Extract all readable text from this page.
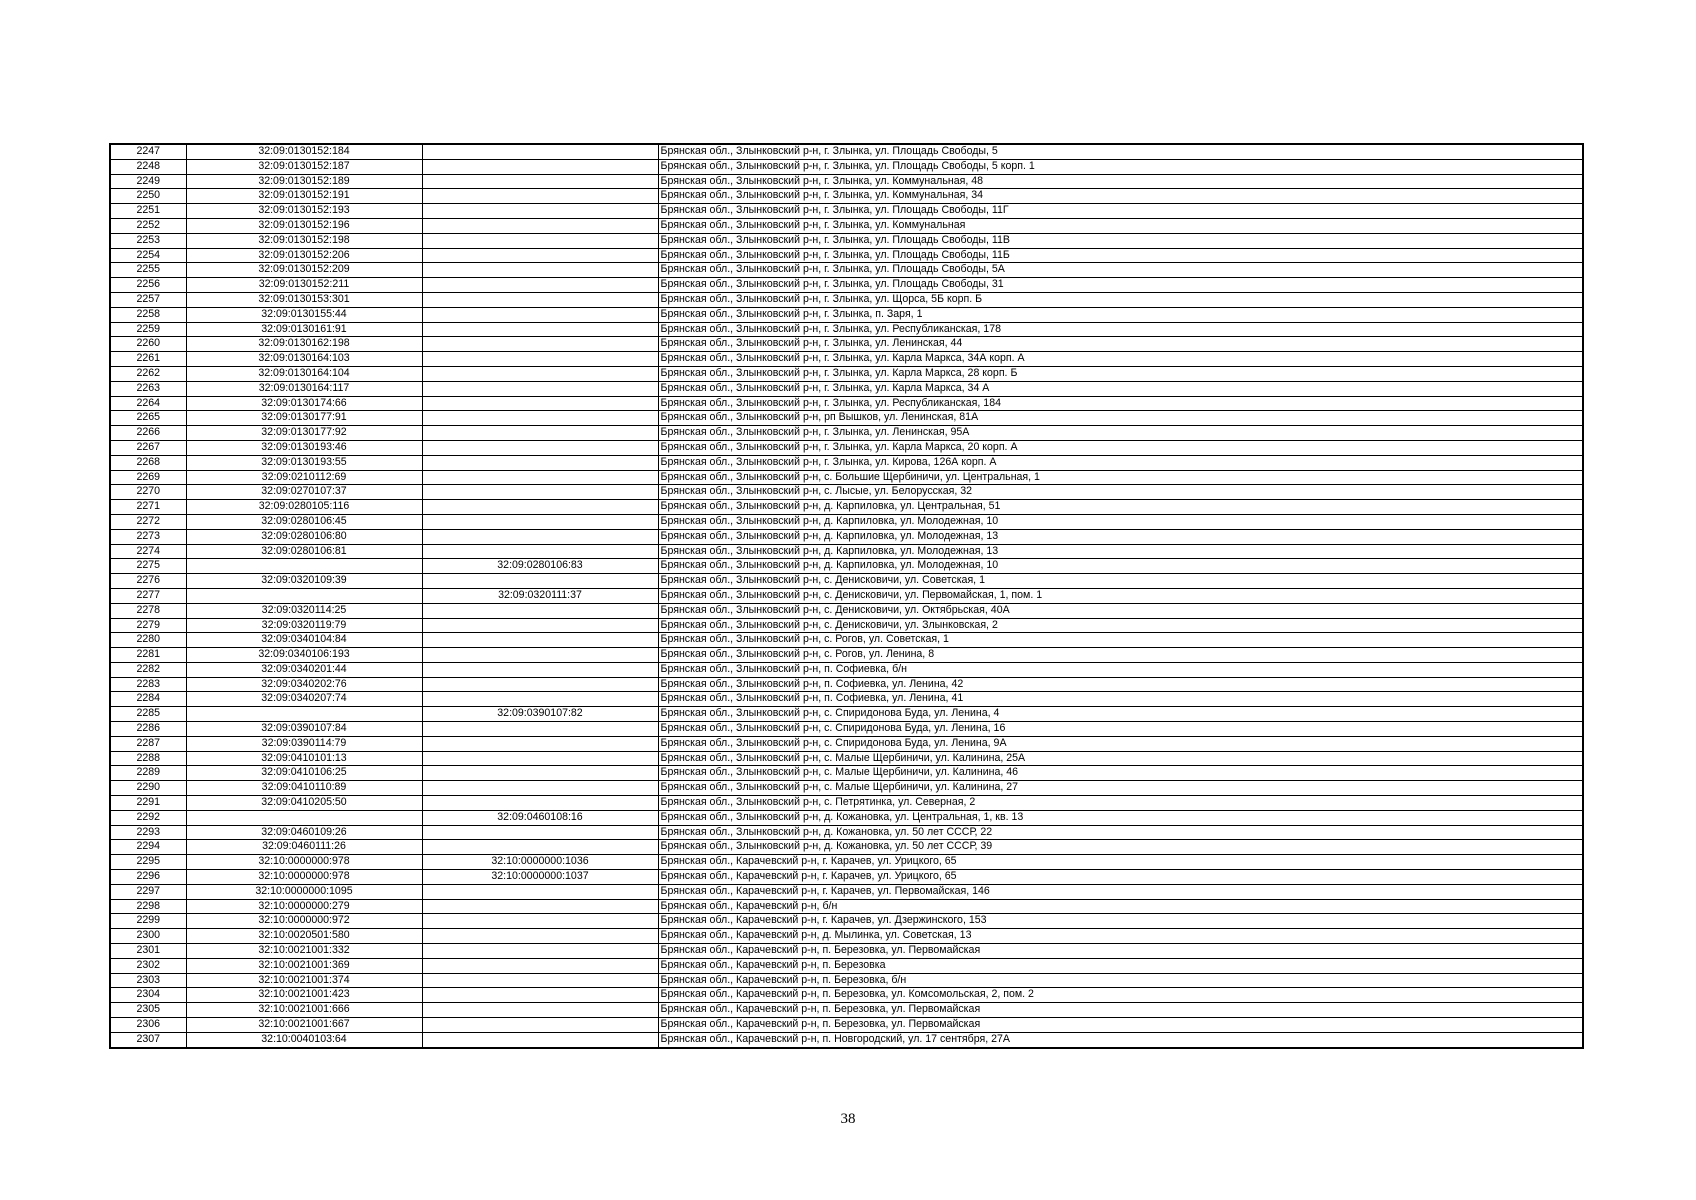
2247	32:09:0130152:184		Брянская обл., Злынковский р-н, г. Злынка, ул. Площадь Свободы, 5
2248	32:09:0130152:187		Брянская обл., Злынковский р-н, г. Злынка, ул. Площадь Свободы, 5 корп. 1
2249	32:09:0130152:189		Брянская обл., Злынковский р-н, г. Злынка, ул. Коммунальная, 48
2250	32:09:0130152:191		Брянская обл., Злынковский р-н, г. Злынка, ул. Коммунальная, 34
2251	32:09:0130152:193		Брянская обл., Злынковский р-н, г. Злынка, ул. Площадь Свободы, 11Г
2252	32:09:0130152:196		Брянская обл., Злынковский р-н, г. Злынка, ул. Коммунальная
2253	32:09:0130152:198		Брянская обл., Злынковский р-н, г. Злынка, ул. Площадь Свободы, 11В
2254	32:09:0130152:206		Брянская обл., Злынковский р-н, г. Злынка, ул. Площадь Свободы, 11Б
2255	32:09:0130152:209		Брянская обл., Злынковский р-н, г. Злынка, ул. Площадь Свободы, 5А
2256	32:09:0130152:211		Брянская обл., Злынковский р-н, г. Злынка, ул. Площадь Свободы, 31
2257	32:09:0130153:301		Брянская обл., Злынковский р-н, г. Злынка, ул. Щорса, 5Б корп. Б
2258	32:09:0130155:44		Брянская обл., Злынковский р-н, г. Злынка, п. Заря, 1
2259	32:09:0130161:91		Брянская обл., Злынковский р-н, г. Злынка, ул. Республиканская, 178
2260	32:09:0130162:198		Брянская обл., Злынковский р-н, г. Злынка, ул. Ленинская, 44
2261	32:09:0130164:103		Брянская обл., Злынковский р-н, г. Злынка, ул. Карла Маркса, 34А корп. А
2262	32:09:0130164:104		Брянская обл., Злынковский р-н, г. Злынка, ул. Карла Маркса, 28 корп. Б
2263	32:09:0130164:117		Брянская обл., Злынковский р-н, г. Злынка, ул. Карла Маркса, 34 А
2264	32:09:0130174:66		Брянская обл., Злынковский р-н, г. Злынка, ул. Республиканская, 184
2265	32:09:0130177:91		Брянская обл., Злынковский р-н, рп Вышков, ул. Ленинская, 81А
2266	32:09:0130177:92		Брянская обл., Злынковский р-н, г. Злынка, ул. Ленинская, 95А
2267	32:09:0130193:46		Брянская обл., Злынковский р-н, г. Злынка, ул. Карла Маркса, 20 корп. А
2268	32:09:0130193:55		Брянская обл., Злынковский р-н, г. Злынка, ул. Кирова, 126А корп. А
2269	32:09:0210112:69		Брянская обл., Злынковский р-н, с. Большие Щербиничи, ул. Центральная, 1
2270	32:09:0270107:37		Брянская обл., Злынковский р-н, с. Лысые, ул. Белорусская, 32
2271	32:09:0280105:116		Брянская обл., Злынковский р-н, д. Карпиловка, ул. Центральная, 51
2272	32:09:0280106:45		Брянская обл., Злынковский р-н, д. Карпиловка, ул. Молодежная, 10
2273	32:09:0280106:80		Брянская обл., Злынковский р-н, д. Карпиловка, ул. Молодежная, 13
2274	32:09:0280106:81		Брянская обл., Злынковский р-н, д. Карпиловка, ул. Молодежная, 13
2275		32:09:0280106:83	Брянская обл., Злынковский р-н, д. Карпиловка, ул. Молодежная, 10
2276	32:09:0320109:39		Брянская обл., Злынковский р-н, с. Денисковичи, ул. Советская, 1
2277		32:09:0320111:37	Брянская обл., Злынковский р-н, с. Денисковичи, ул. Первомайская, 1, пом. 1
2278	32:09:0320114:25		Брянская обл., Злынковский р-н, с. Денисковичи, ул. Октябрьская, 40А
2279	32:09:0320119:79		Брянская обл., Злынковский р-н, с. Денисковичи, ул. Злынковская, 2
2280	32:09:0340104:84		Брянская обл., Злынковский р-н, с. Рогов, ул. Советская, 1
2281	32:09:0340106:193		Брянская обл., Злынковский р-н, с. Рогов, ул. Ленина, 8
2282	32:09:0340201:44		Брянская обл., Злынковский р-н, п. Софиевка, б/н
2283	32:09:0340202:76		Брянская обл., Злынковский р-н, п. Софиевка, ул. Ленина, 42
2284	32:09:0340207:74		Брянская обл., Злынковский р-н, п. Софиевка, ул. Ленина, 41
2285		32:09:0390107:82	Брянская обл., Злынковский р-н, с. Спиридонова Буда, ул. Ленина, 4
2286	32:09:0390107:84		Брянская обл., Злынковский р-н, с. Спиридонова Буда, ул. Ленина, 16
2287	32:09:0390114:79		Брянская обл., Злынковский р-н, с. Спиридонова Буда, ул. Ленина, 9А
2288	32:09:0410101:13		Брянская обл., Злынковский р-н, с. Малые Щербиничи, ул. Калинина, 25А
2289	32:09:0410106:25		Брянская обл., Злынковский р-н, с. Малые Щербиничи, ул. Калинина, 46
2290	32:09:0410110:89		Брянская обл., Злынковский р-н, с. Малые Щербиничи, ул. Калинина, 27
2291	32:09:0410205:50		Брянская обл., Злынковский р-н, с. Петрятинка, ул. Северная, 2
2292		32:09:0460108:16	Брянская обл., Злынковский р-н, д. Кожановка, ул. Центральная, 1, кв. 13
2293	32:09:0460109:26		Брянская обл., Злынковский р-н, д. Кожановка, ул. 50 лет СССР, 22
2294	32:09:0460111:26		Брянская обл., Злынковский р-н, д. Кожановка, ул. 50 лет СССР, 39
2295	32:10:0000000:978	32:10:0000000:1036	Брянская обл., Карачевский р-н, г. Карачев, ул. Урицкого, 65
2296	32:10:0000000:978	32:10:0000000:1037	Брянская обл., Карачевский р-н, г. Карачев, ул. Урицкого, 65
2297	32:10:0000000:1095		Брянская обл., Карачевский р-н, г. Карачев, ул. Первомайская, 146
2298	32:10:0000000:279		Брянская обл., Карачевский р-н, б/н
2299	32:10:0000000:972		Брянская обл., Карачевский р-н, г. Карачев, ул. Дзержинского, 153
2300	32:10:0020501:580		Брянская обл., Карачевский р-н, д. Мылинка, ул. Советская, 13
2301	32:10:0021001:332		Брянская обл., Карачевский р-н, п. Березовка, ул. Первомайская
2302	32:10:0021001:369		Брянская обл., Карачевский р-н, п. Березовка
2303	32:10:0021001:374		Брянская обл., Карачевский р-н, п. Березовка, б/н
2304	32:10:0021001:423		Брянская обл., Карачевский р-н, п. Березовка, ул. Комсомольская, 2, пом. 2
2305	32:10:0021001:666		Брянская обл., Карачевский р-н, п. Березовка, ул. Первомайская
2306	32:10:0021001:667		Брянская обл., Карачевский р-н, п. Березовка, ул. Первомайская
2307	32:10:0040103:64		Брянская обл., Карачевский р-н, п. Новгородский, ул. 17 сентября, 27А
38
